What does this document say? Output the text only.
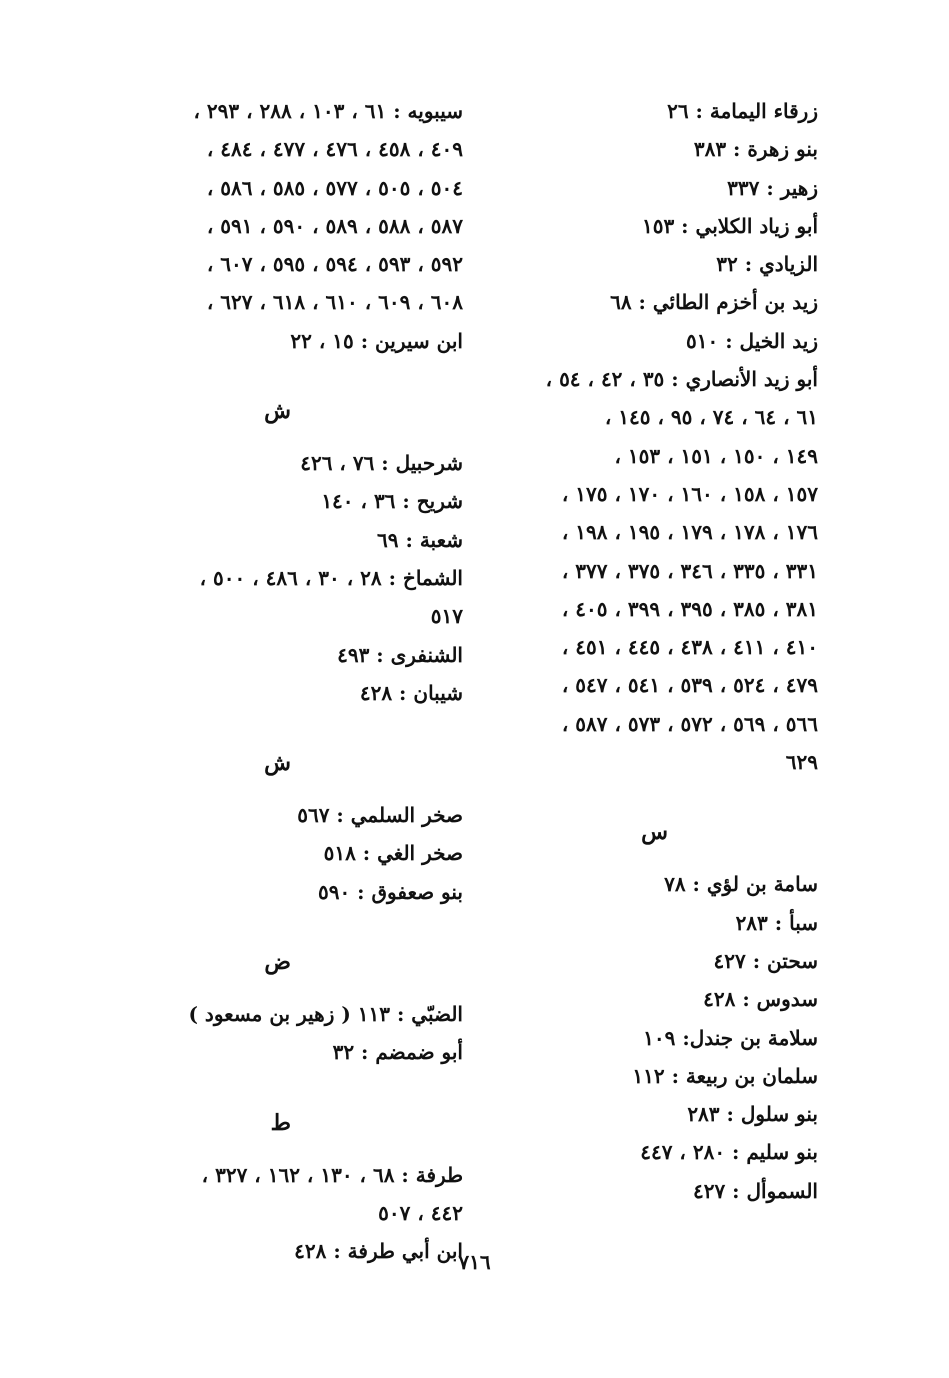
زرقاء اليمامة : ٢٦
بنو زهرة : ٣٨٣
زهير : ٣٣٧
أبو زياد الكلابي : ١٥٣
الزيادي : ٣٢
زيد بن أخزم الطائي : ٦٨
زيد الخيل : ٥١٠
أبو زيد الأنصاري : ٣٥ ، ٤٢ ، ٥٤ ،
٦١ ، ٦٤ ، ٧٤ ، ٩٥ ، ١٤٥ ،
١٤٩ ، ١٥٠ ، ١٥١ ، ١٥٣ ،
١٥٧ ، ١٥٨ ، ١٦٠ ، ١٧٠ ، ١٧٥ ،
١٧٦ ، ١٧٨ ، ١٧٩ ، ١٩٥ ، ١٩٨ ،
٣٣١ ، ٣٣٥ ، ٣٤٦ ، ٣٧٥ ، ٣٧٧ ،
٣٨١ ، ٣٨٥ ، ٣٩٥ ، ٣٩٩ ، ٤٠٥ ،
٤١٠ ، ٤١١ ، ٤٣٨ ، ٤٤٥ ، ٤٥١ ،
٤٧٩ ، ٥٢٤ ، ٥٣٩ ، ٥٤١ ، ٥٤٧ ،
٥٦٦ ، ٥٦٩ ، ٥٧٢ ، ٥٧٣ ، ٥٨٧ ،
٦٢٩
س
سامة بن لؤي : ٧٨
سبأ : ٢٨٣
سحتن : ٤٢٧
سدوس : ٤٢٨
سلامة بن جندل: ١٠٩
سلمان بن ربيعة : ١١٢
بنو سلول : ٢٨٣
بنو سليم : ٢٨٠ ، ٤٤٧
السموأل : ٤٢٧
سيبويه : ٦١ ، ١٠٣ ، ٢٨٨ ، ٢٩٣ ،
٤٠٩ ، ٤٥٨ ، ٤٧٦ ، ٤٧٧ ، ٤٨٤ ،
٥٠٤ ، ٥٠٥ ، ٥٧٧ ، ٥٨٥ ، ٥٨٦ ،
٥٨٧ ، ٥٨٨ ، ٥٨٩ ، ٥٩٠ ، ٥٩١ ،
٥٩٢ ، ٥٩٣ ، ٥٩٤ ، ٥٩٥ ، ٦٠٧ ،
٦٠٨ ، ٦٠٩ ، ٦١٠ ، ٦١٨ ، ٦٢٧ ،
ابن سيرين : ١٥ ، ٢٢
ش
شرحبيل : ٧٦ ، ٤٢٦
شريح : ٣٦ ، ١٤٠
شعبة : ٦٩
الشماخ : ٢٨ ، ٣٠ ، ٤٨٦ ، ٥٠٠ ،
٥١٧
الشنفرى : ٤٩٣
شيبان : ٤٢٨
ش
صخر السلمي : ٥٦٧
صخر الغي : ٥١٨
بنو صعفوق : ٥٩٠
ض
الضبّي : ١١٣ ( زهير بن مسعود )
أبو ضمضم : ٣٢
ط
طرفة : ٦٨ ، ١٣٠ ، ١٦٢ ، ٣٢٧ ،
٤٤٢ ، ٥٠٧
ابن أبي طرفة : ٤٢٨
٧١٦
